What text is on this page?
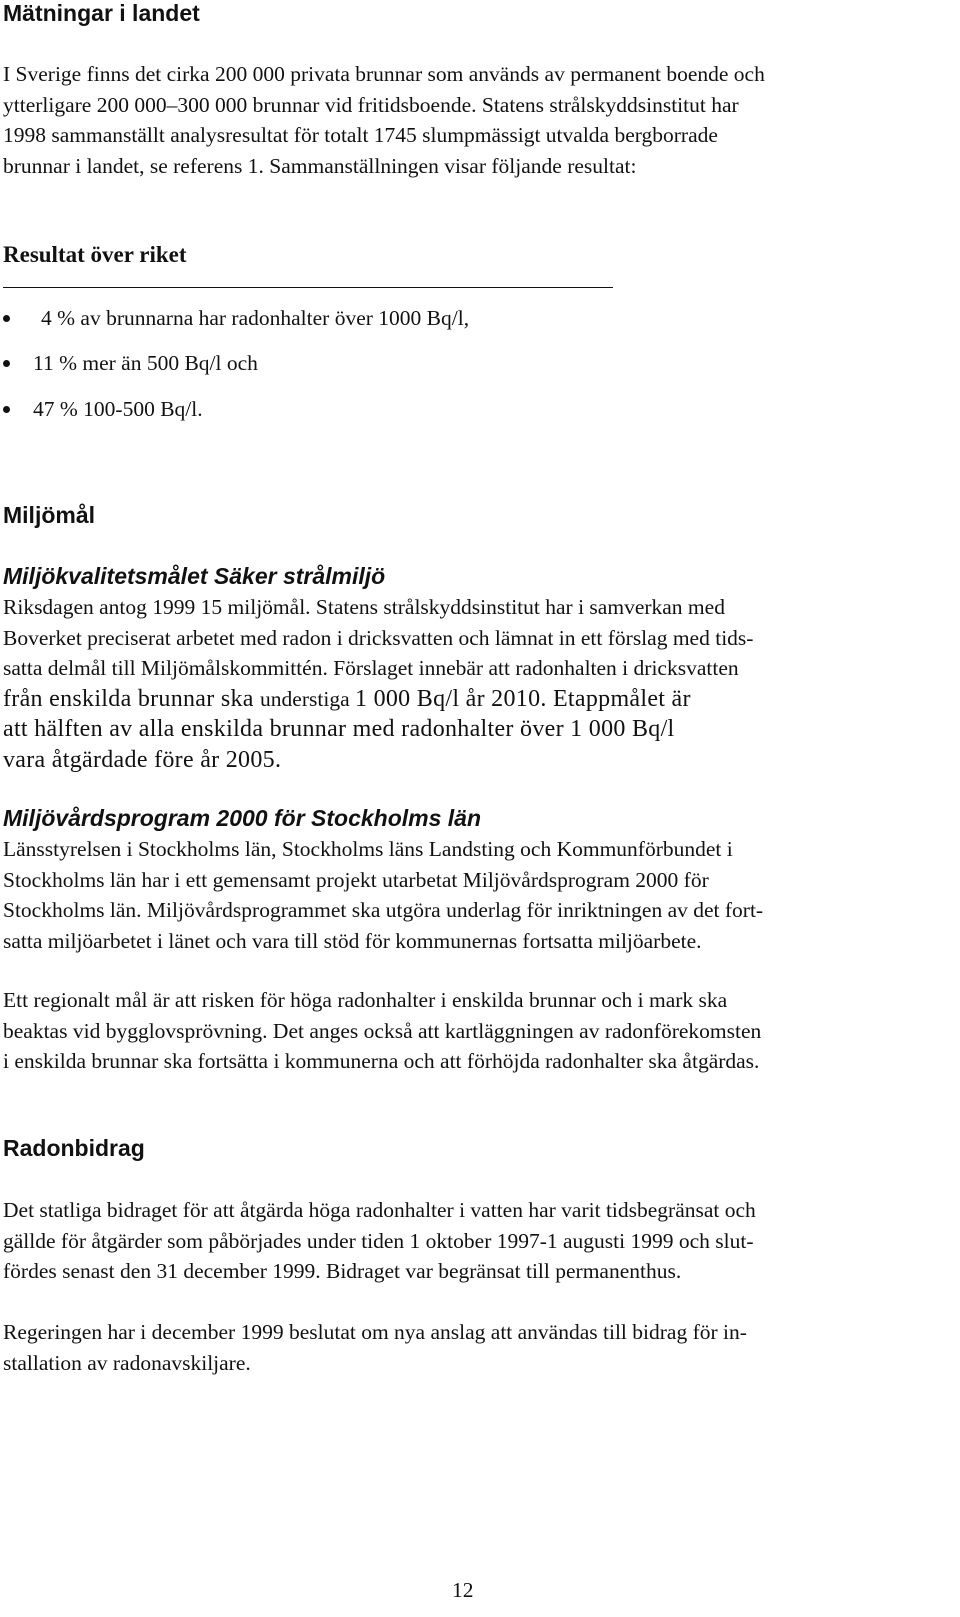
Mätningar i landet

I Sverige finns det cirka 200 000 privata brunnar som används av permanent boende och
ytterligare 200 000–300 000 brunnar vid fritidsboende. Statens strålskyddsinstitut har
1998 sammanställt analysresultat för totalt 1745 slumpmässigt utvalda bergborrade
brunnar i landet, se referens 1. Sammanställningen visar följande resultat:

Resultat över riket
4 % av brunnarna har radonhalter över 1000 Bq/l,
11 % mer än 500 Bq/l och
47 % 100-500 Bq/l.
Miljömål
Miljökvalitetsmålet Säker strålmiljö

Riksdagen antog 1999 15 miljömål. Statens strålskyddsinstitut har i samverkan med
Boverket preciserat arbetet med radon i dricksvatten och lämnat in ett förslag med tids-
satta delmål till Miljömålskommittén. Förslaget innebär att radonhalten i dricksvatten
från enskilda brunnar ska understiga 1 000 Bq/l år 2010. Etappmålet är
att hälften av alla enskilda brunnar med radonhalter över 1 000 Bq/l
vara åtgärdade före år 2005.

Miljövårdsprogram 2000 för Stockholms län

Länsstyrelsen i Stockholms län, Stockholms läns Landsting och Kommunförbundet i
Stockholms län har i ett gemensamt projekt utarbetat Miljövårdsprogram 2000 för
Stockholms län. Miljövårdsprogrammet ska utgöra underlag för inriktningen av det fort-
satta miljöarbetet i länet och vara till stöd för kommunernas fortsatta miljöarbete.

Ett regionalt mål är att risken för höga radonhalter i enskilda brunnar och i mark ska
beaktas vid bygglovsprövning. Det anges också att kartläggningen av radonförekomsten
i enskilda brunnar ska fortsätta i kommunerna och att förhöjda radonhalter ska åtgärdas.

Radonbidrag

Det statliga bidraget för att åtgärda höga radonhalter i vatten har varit tidsbegränsat och
gällde för åtgärder som påbörjades under tiden 1 oktober 1997-1 augusti 1999 och slut-
fördes senast den 31 december 1999. Bidraget var begränsat till permanenthus.

Regeringen har i december 1999 beslutat om nya anslag att användas till bidrag för in-
stallation av radonavskiljare.

12
